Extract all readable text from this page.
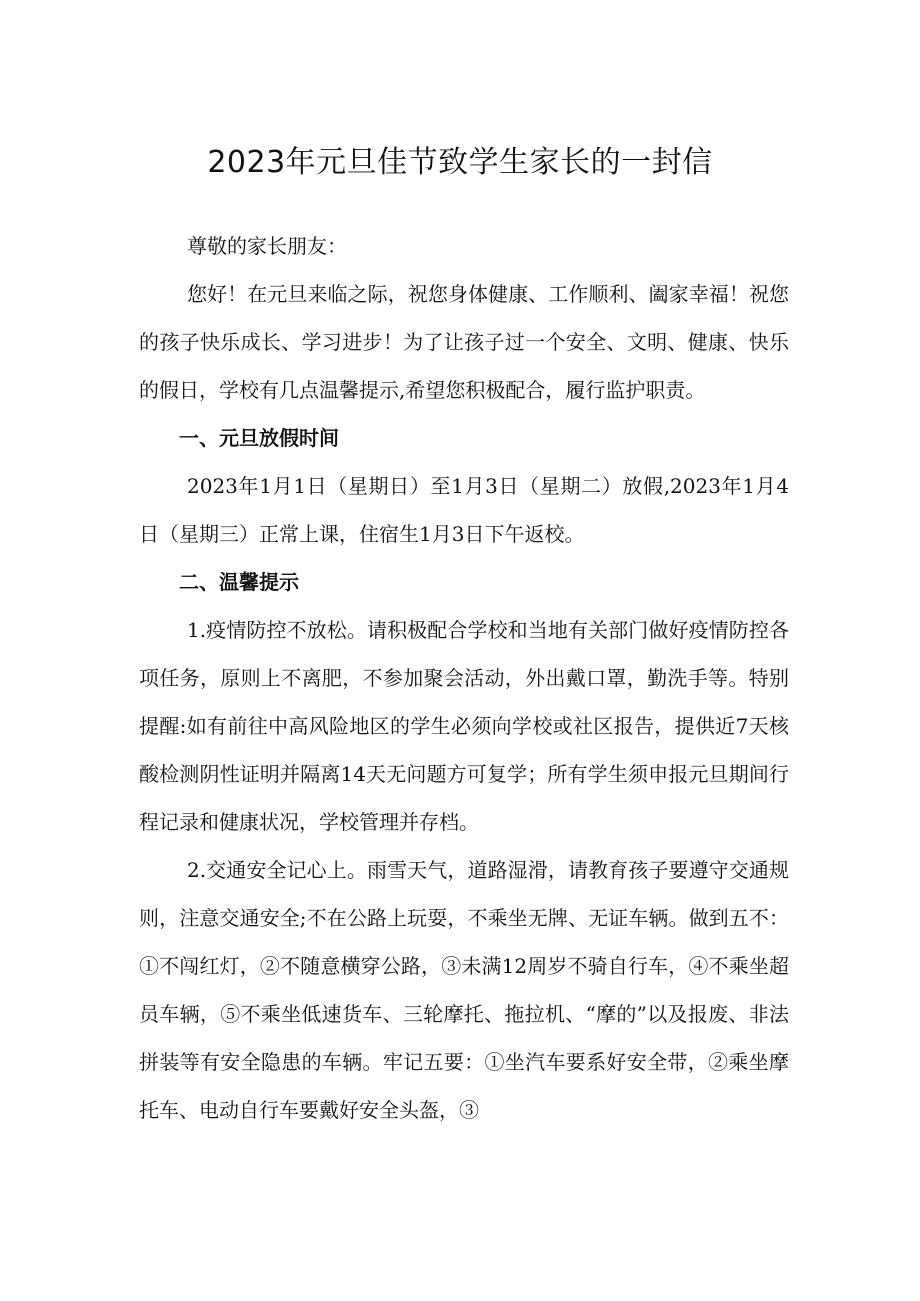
2023年元旦佳节致学生家长的一封信

尊敬的家长朋友：

您好！在元旦来临之际，祝您身体健康、工作顺利、阖家幸福！祝您的孩子快乐成长、学习进步！为了让孩子过一个安全、文明、健康、快乐的假日，学校有几点温馨提示,希望您积极配合，履行监护职责。

一、元旦放假时间

2023年1月1日（星期日）至1月3日（星期二）放假,2023年1月4日（星期三）正常上课，住宿生1月3日下午返校。

二、温馨提示

1.疫情防控不放松。请积极配合学校和当地有关部门做好疫情防控各项任务，原则上不离肥，不参加聚会活动，外出戴口罩，勤洗手等。特别提醒:如有前往中高风险地区的学生必须向学校或社区报告，提供近7天核酸检测阴性证明并隔离14天无问题方可复学；所有学生须申报元旦期间行程记录和健康状况，学校管理并存档。

2.交通安全记心上。雨雪天气，道路湿滑，请教育孩子要遵守交通规则，注意交通安全;不在公路上玩耍，不乘坐无牌、无证车辆。做到五不：①不闯红灯，②不随意横穿公路，③未满12周岁不骑自行车，④不乘坐超员车辆，⑤不乘坐低速货车、三轮摩托、拖拉机、“摩的”以及报废、非法拼装等有安全隐患的车辆。牢记五要：①坐汽车要系好安全带，②乘坐摩托车、电动自行车要戴好安全头盔，③
